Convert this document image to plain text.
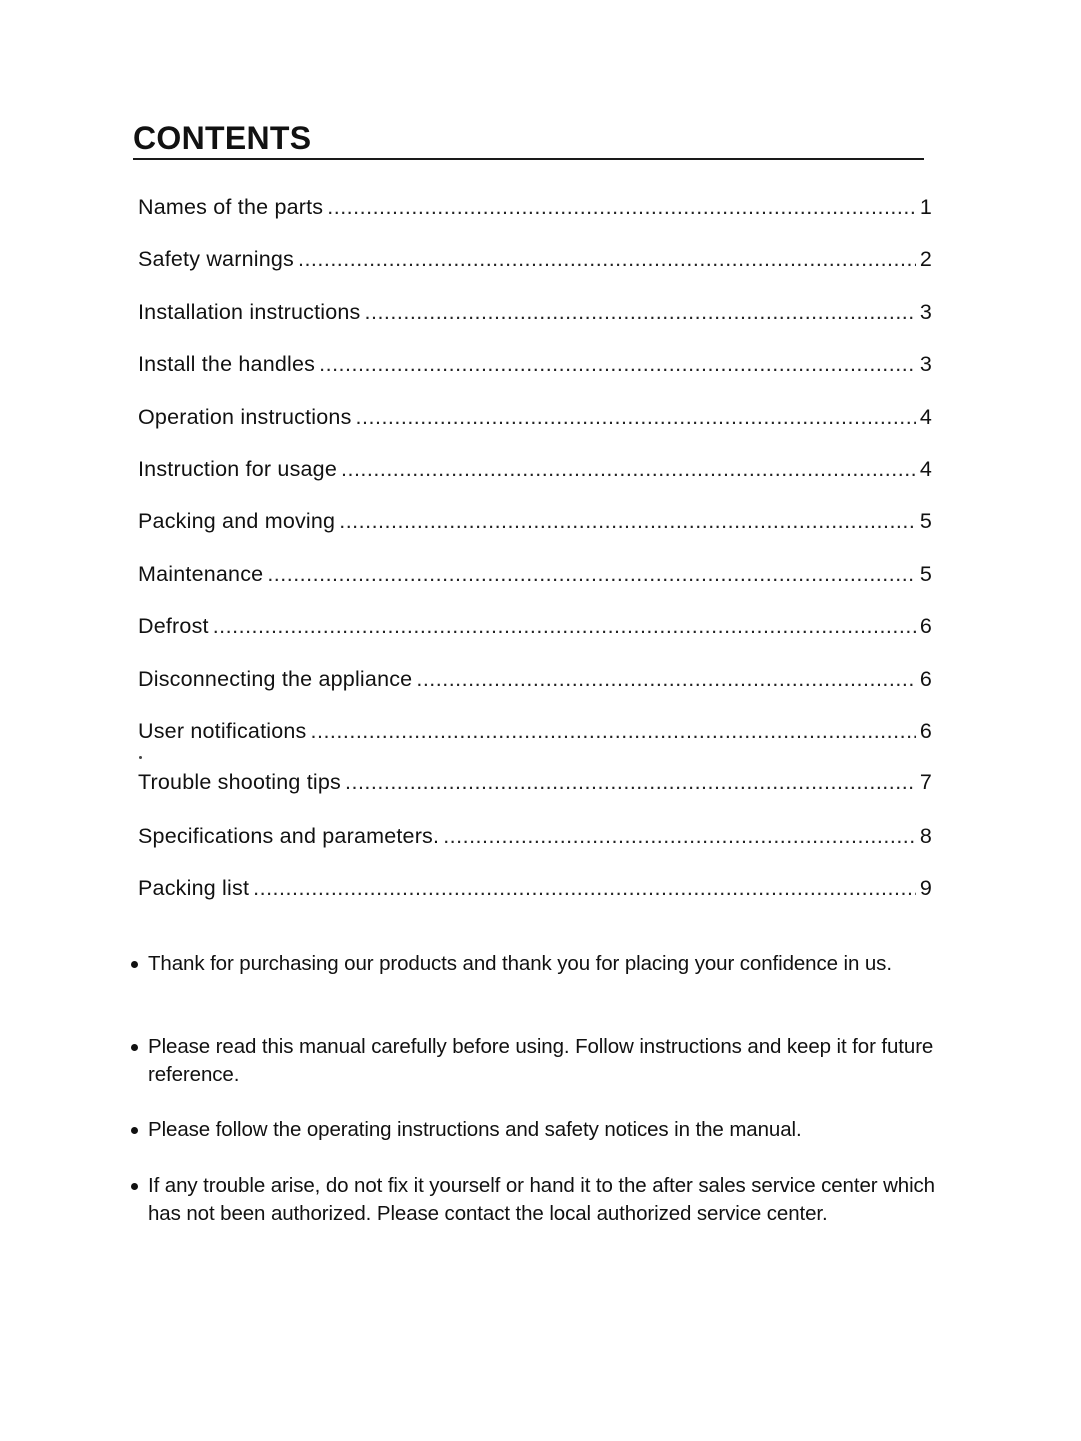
CONTENTS
Names of the parts .....	1
Safety warnings .....	2
Installation instructions .....	3
Install the handles .....	3
Operation instructions .....	4
Instruction for usage .....	4
Packing and moving .....	5
Maintenance .....	5
Defrost .....	6
Disconnecting the appliance .....	6
User notifications .....	6
Trouble shooting tips .....	7
Specifications and parameters. .....	8
Packing list .....	9
Thank for purchasing our products and thank you for placing your confidence in us.
Please read this manual carefully before using. Follow instructions and keep it for future reference.
Please follow the operating instructions and safety notices in the manual.
If any trouble arise, do not fix it yourself or hand it to the after sales service center which has not been authorized. Please contact the local authorized service center.
